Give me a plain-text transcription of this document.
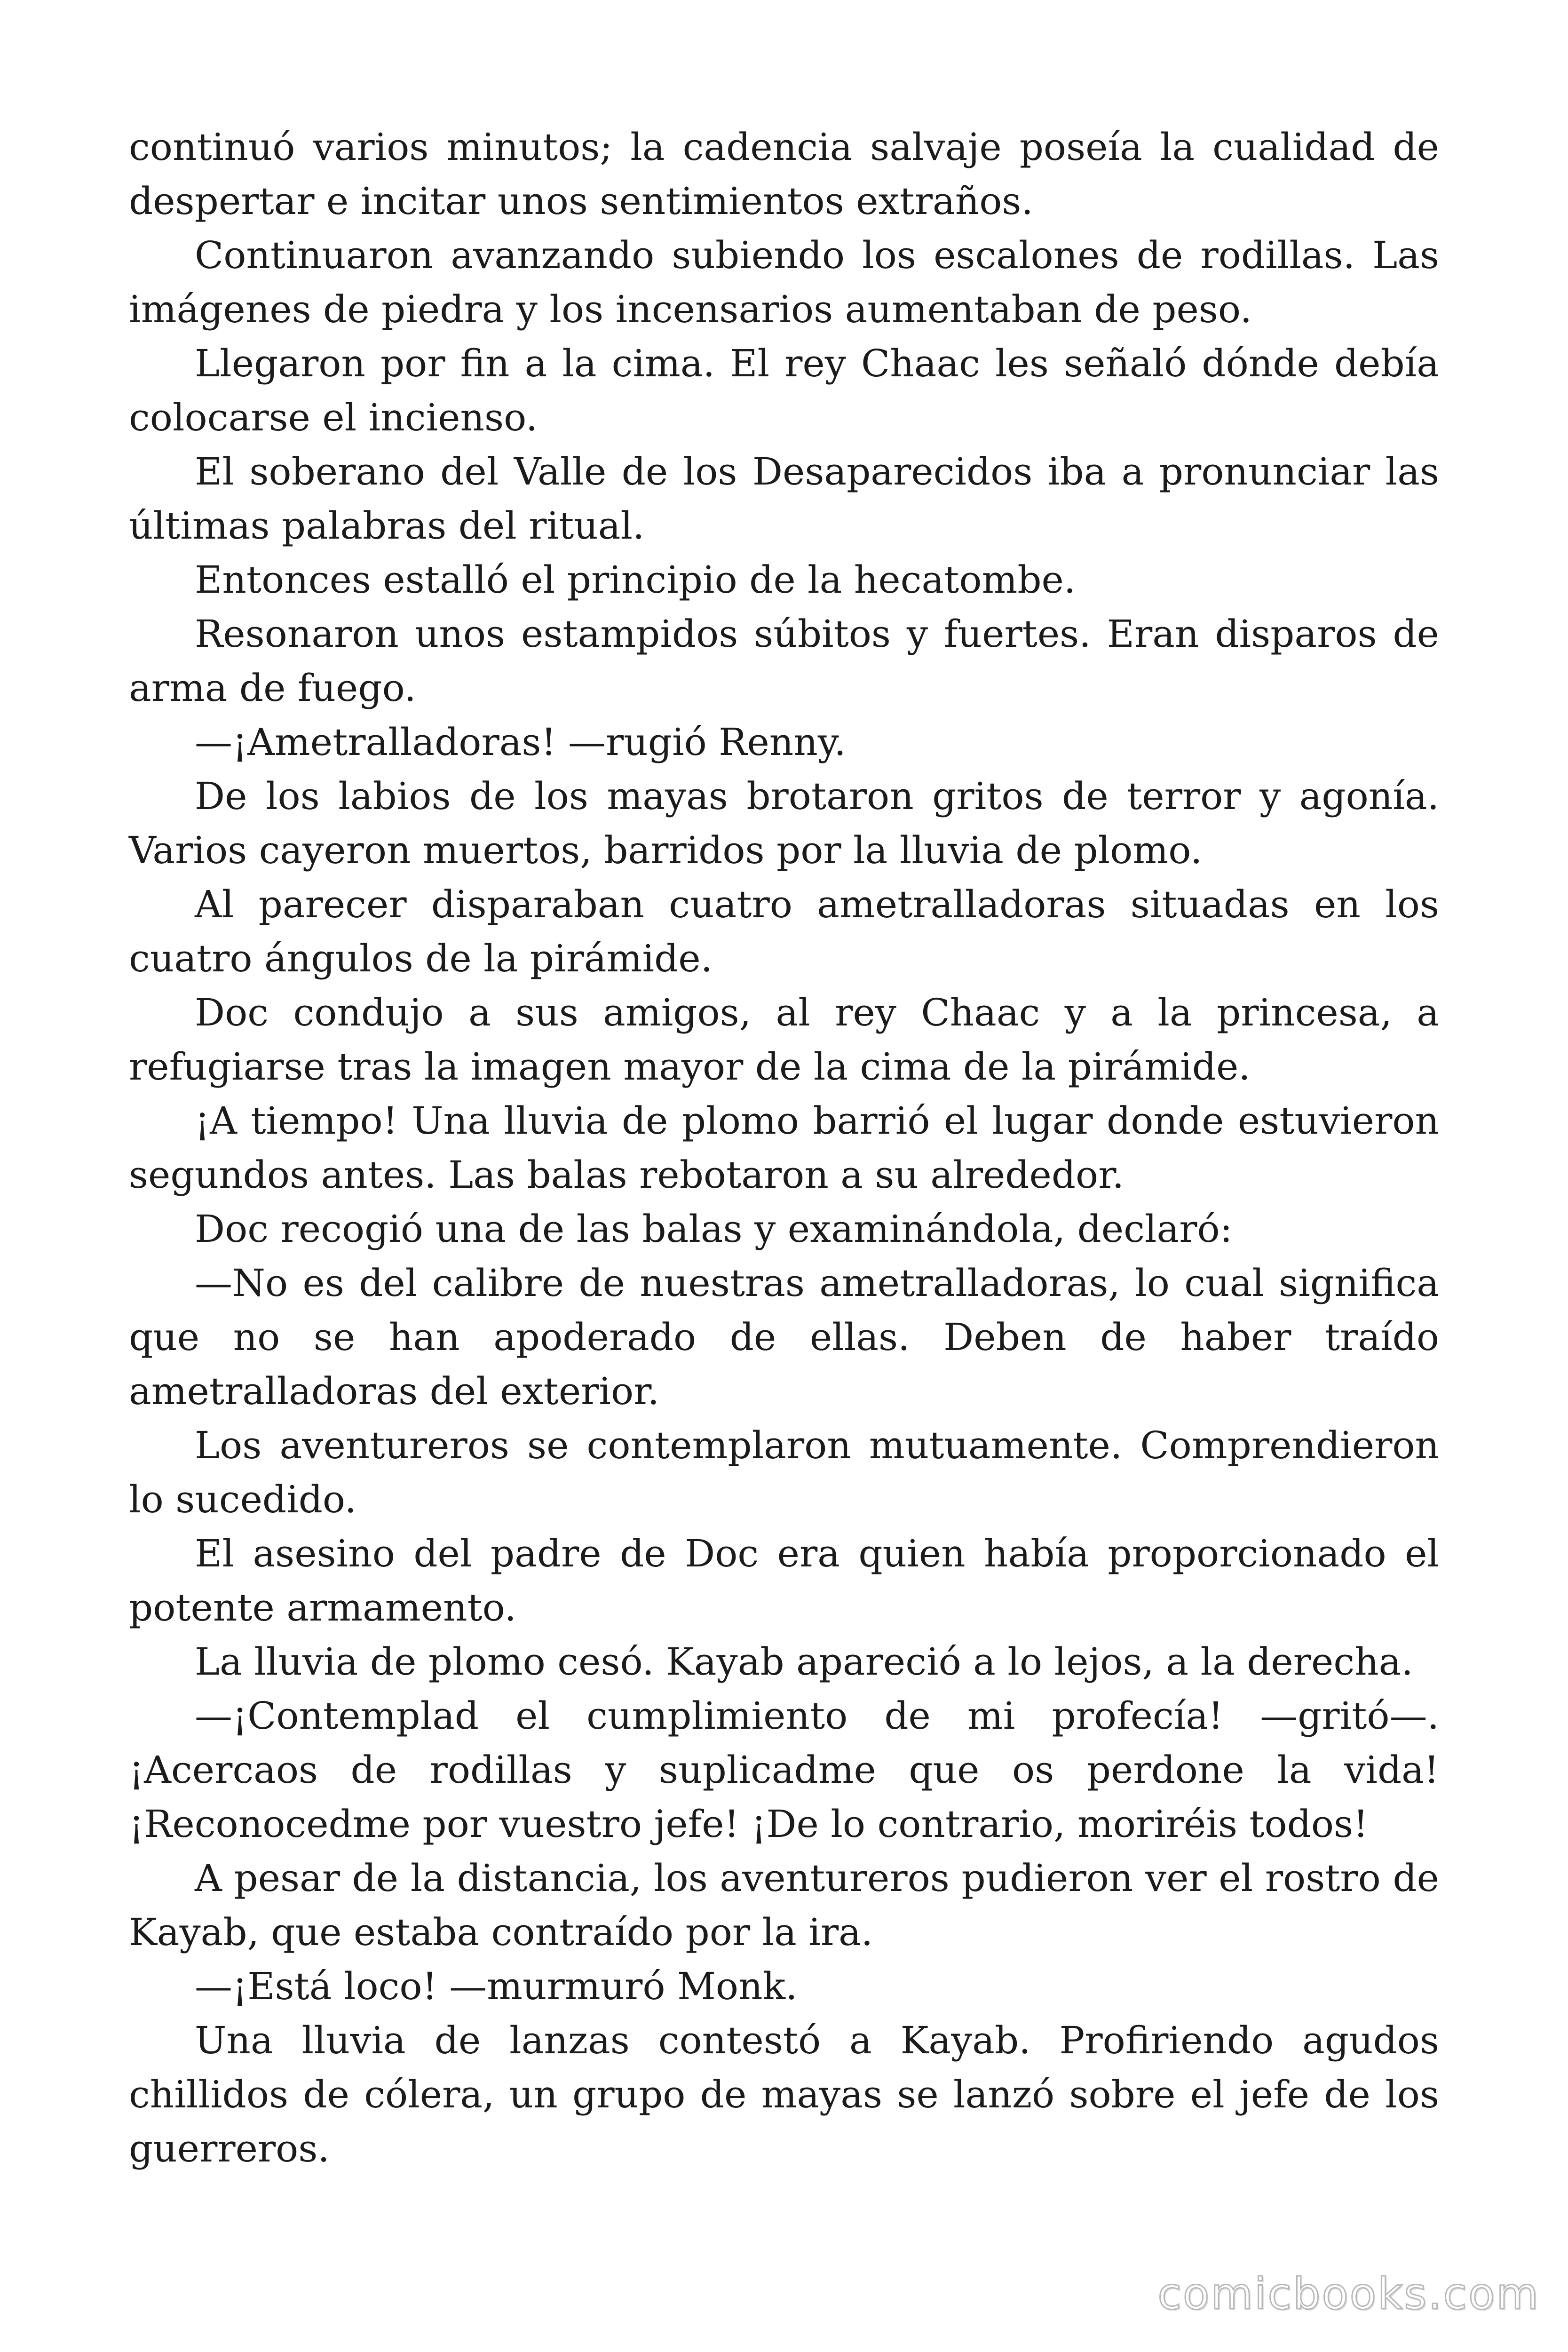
continuó varios minutos; la cadencia salvaje poseía la cualidad de despertar e incitar unos sentimientos extraños.

Continuaron avanzando subiendo los escalones de rodillas. Las imágenes de piedra y los incensarios aumentaban de peso.

Llegaron por fin a la cima. El rey Chaac les señaló dónde debía colocarse el incienso.

El soberano del Valle de los Desaparecidos iba a pronunciar las últimas palabras del ritual.

Entonces estalló el principio de la hecatombe.

Resonaron unos estampidos súbitos y fuertes. Eran disparos de arma de fuego.

—¡Ametralladoras! —rugió Renny.

De los labios de los mayas brotaron gritos de terror y agonía. Varios cayeron muertos, barridos por la lluvia de plomo.

Al parecer disparaban cuatro ametralladoras situadas en los cuatro ángulos de la pirámide.

Doc condujo a sus amigos, al rey Chaac y a la princesa, a refugiarse tras la imagen mayor de la cima de la pirámide.

¡A tiempo! Una lluvia de plomo barrió el lugar donde estuvieron segundos antes. Las balas rebotaron a su alrededor.

Doc recogió una de las balas y examinándola, declaró:

—No es del calibre de nuestras ametralladoras, lo cual significa que no se han apoderado de ellas. Deben de haber traído ametralladoras del exterior.

Los aventureros se contemplaron mutuamente. Comprendieron lo sucedido.

El asesino del padre de Doc era quien había proporcionado el potente armamento.

La lluvia de plomo cesó. Kayab apareció a lo lejos, a la derecha.

—¡Contemplad el cumplimiento de mi profecía! —gritó—. ¡Acercaos de rodillas y suplicadme que os perdone la vida! ¡Reconocedme por vuestro jefe! ¡De lo contrario, moriréis todos!

A pesar de la distancia, los aventureros pudieron ver el rostro de Kayab, que estaba contraído por la ira.

—¡Está loco! —murmuró Monk.

Una lluvia de lanzas contestó a Kayab. Profiriendo agudos chillidos de cólera, un grupo de mayas se lanzó sobre el jefe de los guerreros.

comicbooks.com
